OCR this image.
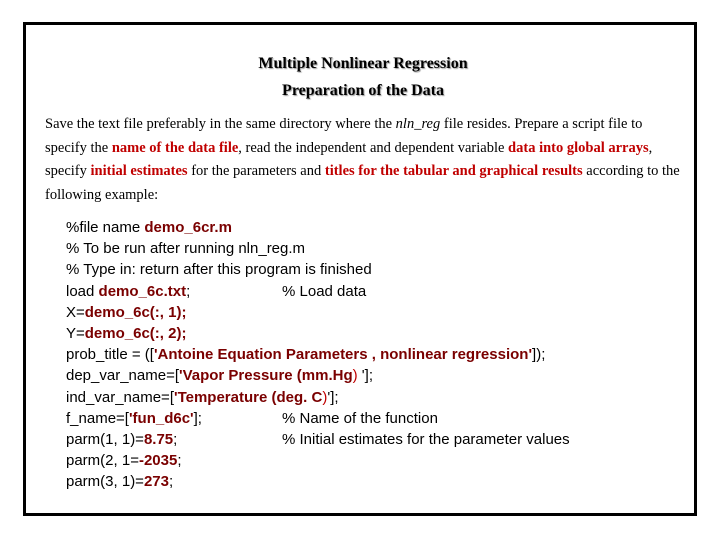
Multiple Nonlinear Regression
Preparation of the Data

Save the text file preferably in the same directory where the nln_reg file resides. Prepare a script file to specify the name of the data file, read the independent and dependent variable data into global arrays, specify initial estimates for the parameters and titles for the tabular and graphical results according to the following example:

%file name demo_6cr.m
% To be run after running nln_reg.m
% Type in: return after this program is finished
load demo_6c.txt;	% Load data
X=demo_6c(:, 1);
Y=demo_6c(:, 2);
prob_title = (['Antoine Equation Parameters , nonlinear regression']);
dep_var_name=['Vapor Pressure (mm.Hg) '];
ind_var_name=['Temperature (deg. C)'];
f_name=['fun_d6c'];	% Name of the function
parm(1, 1)=8.75;	% Initial estimates for the parameter values
parm(2, 1=-2035;
parm(3, 1)=273;
